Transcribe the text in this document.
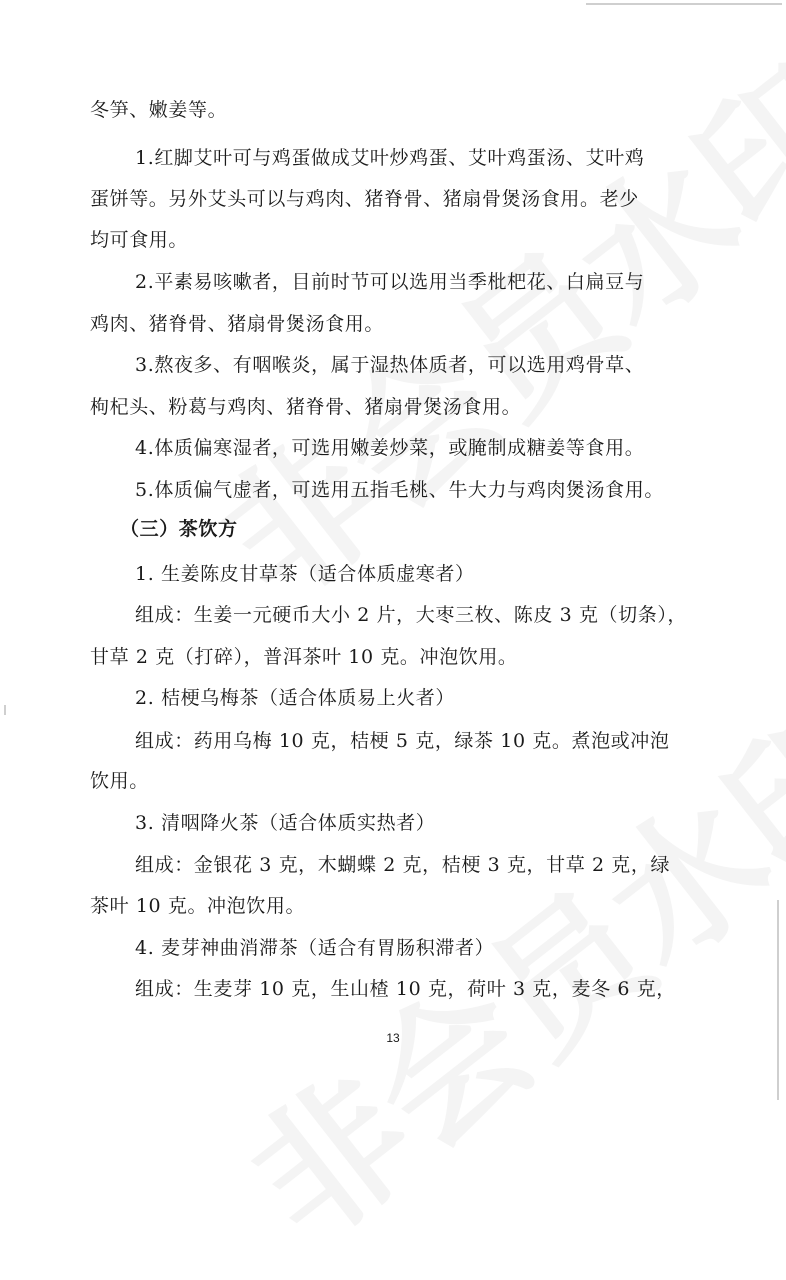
冬笋、嫩姜等。
1.红脚艾叶可与鸡蛋做成艾叶炒鸡蛋、艾叶鸡蛋汤、艾叶鸡
蛋饼等。另外艾头可以与鸡肉、猪脊骨、猪扇骨煲汤食用。老少
均可食用。
2.平素易咳嗽者，目前时节可以选用当季枇杷花、白扁豆与
鸡肉、猪脊骨、猪扇骨煲汤食用。
3.熬夜多、有咽喉炎，属于湿热体质者，可以选用鸡骨草、
枸杞头、粉葛与鸡肉、猪脊骨、猪扇骨煲汤食用。
4.体质偏寒湿者，可选用嫩姜炒菜，或腌制成糖姜等食用。
5.体质偏气虚者，可选用五指毛桃、牛大力与鸡肉煲汤食用。
（三）茶饮方
1. 生姜陈皮甘草茶（适合体质虚寒者）
组成：生姜一元硬币大小 2 片，大枣三枚、陈皮 3 克（切条），
甘草 2 克（打碎），普洱茶叶 10 克。冲泡饮用。
2. 桔梗乌梅茶（适合体质易上火者）
组成：药用乌梅 10 克，桔梗 5 克，绿茶 10 克。煮泡或冲泡
饮用。
3. 清咽降火茶（适合体质实热者）
组成：金银花 3 克，木蝴蝶 2 克，桔梗 3 克，甘草 2 克，绿
茶叶 10 克。冲泡饮用。
4. 麦芽神曲消滞茶（适合有胃肠积滞者）
组成：生麦芽 10 克，生山楂 10 克，荷叶 3 克，麦冬 6 克，
13
